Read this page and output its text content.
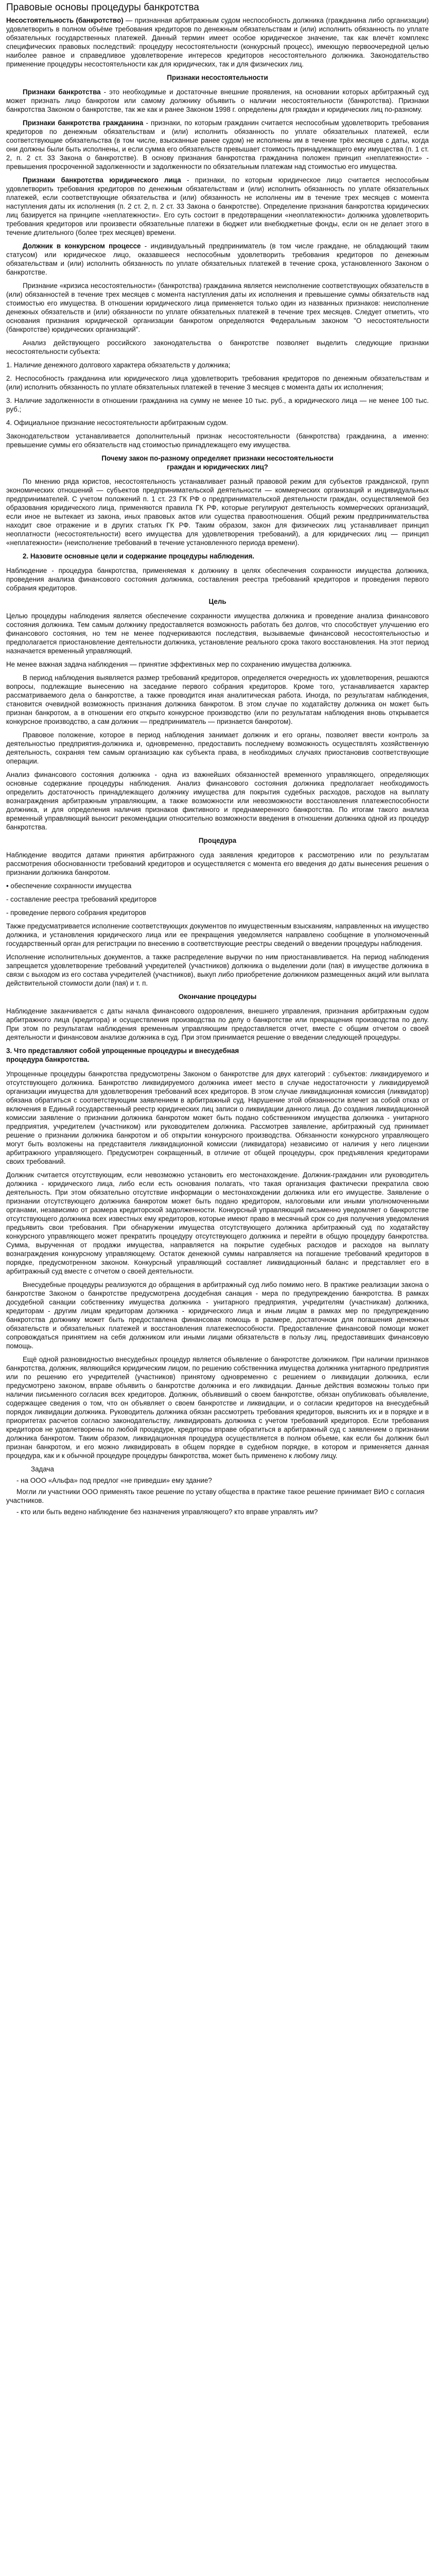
Правовые основы процедуры банкротства

Несостоятельность (банкротство) — признанная арбитражным судом неспособность должника (гражданина либо организации) удовлетворить в полном объёме требования кредиторов по денежным обязательствам и (или) исполнить обязанность по уплате обязательных государственных платежей. Данный термин имеет особое юридическое значение, так как влечёт комплекс специфических правовых последствий: процедуру несостоятельности (конкурсный процесс), имеющую первоочередной целью наиболее равное и справедливое удовлетворение интересов кредиторов несостоятельного должника. Законодательство применение процедуры несостоятельности как для юридических, так и для физических лиц.

Признаки несостоятельности

Признаки банкротства - это необходимые и достаточные внешние проявления, на основании которых арбитражный суд может признать лицо банкротом или самому должнику объявить о наличии несостоятельности (банкротства). Признаки банкротства Законом о банкротстве, так же как и ранее Законом 1998 г. определены для граждан и юридических лиц по-разному.

Признаки банкротства гражданина - признаки, по которым гражданин считается неспособным удовлетворить требования кредиторов по денежным обязательствам и (или) исполнить обязанность по уплате обязательных платежей, если соответствующие обязательства (в том числе, взысканные ранее судом) не исполнены им в течение трёх месяцев с даты, когда они должны были быть исполнены, и если сумма его обязательств превышает стоимость принадлежащего ему имущества (п. 1 ст. 2, п. 2 ст. 33 Закона о банкротстве). В основу признания банкротства гражданина положен принцип «неплатежности» - превышения просроченной задолженности и задолженности по обязательным платежам над стоимостью его имущества.

Признаки банкротства юридического лица - признаки, по которым юридическое лицо считается неспособным удовлетворить требования кредиторов по денежным обязательствам и (или) исполнить обязанность по уплате обязательных платежей, если соответствующие обязательства и (или) обязанность не исполнены им в течение трех месяцев с момента наступления даты их исполнения (п. 2 ст. 2, п. 2 ст. 33 Закона о банкротстве). Определение признания банкротства юридических лиц базируется на принципе «неплатежности». Его суть состоит в предотвращении «неоплатежности» должника удовлетворить требования кредиторов или произвести обязательные платежи в бюджет или внебюджетные фонды, если он не делает этого в течение длительного (более трех месяцев) времени.

Должник в конкурсном процессе - индивидуальный предприниматель (в том числе граждане, не обладающий таким статусом) или юридическое лицо, оказавшееся неспособным удовлетворить требования кредиторов по денежным обязательствам и (или) исполнить обязанность по уплате обязательных платежей в течение срока, установленного Законом о банкротстве.

Признание «кризиса несостоятельности» (банкротства) гражданина является неисполнение соответствующих обязательств в (или) обязанностей в течение трех месяцев с момента наступления даты их исполнения и превышение суммы обязательств над стоимостью его имущества. В отношении юридического лица применяется только один из названных признаков: неисполнение денежных обязательств и (или) обязанности по уплате обязательных платежей в течение трех месяцев. Следует отметить, что основания признания юридической организации банкротом определяются Федеральным законом "О несостоятельности (банкротстве) юридических организаций".

Анализ действующего российского законодательства о банкротстве позволяет выделить следующие признаки несостоятельности субъекта:

1. Наличие денежного долгового характера обязательств у должника;

2. Неспособность гражданина или юридического лица удовлетворить требования кредиторов по денежным обязательствам и (или) исполнить обязанность по уплате обязательных платежей в течение 3 месяцев с момента даты их исполнения;

3. Наличие задолженности в отношении гражданина на сумму не менее 10 тыс. руб., а юридического лица — не менее 100 тыс. руб.;

4. Официальное признание несостоятельности арбитражным судом.

Законодательством устанавливается дополнительный признак несостоятельности (банкротства) гражданина, а именно: превышение суммы его обязательств над стоимостью принадлежащего ему имущества.

Почему закон по-разному определяет признаки несостоятельности
граждан и юридических лиц?

По мнению ряда юристов, несостоятельность устанавливает разный правовой режим для субъектов гражданской, групп экономических отношений — субъектов предпринимательской деятельности — коммерческих организаций и индивидуальных предпринимателей. С учетом положений п. 1 ст. 23 ГК РФ о предпринимательской деятельности граждан, осуществляемой без образования юридического лица, применяются правила ГК РФ, которые регулируют деятельность коммерческих организаций, если иное не вытекает из закона, иных правовых актов или существа правоотношения. Общий режим предпринимательства находит свое отражение и в других статьях ГК РФ. Таким образом, закон для физических лиц устанавливает принцип неоплатности (несостоятельности) всего имущества для удовлетворения требований), а для юридических лиц — принцип «неплатежности» (неисполнение требований в течение установленного периода времени).

2. Назовите основные цели и содержание процедуры наблюдения.

Наблюдение - процедура банкротства, применяемая к должнику в целях обеспечения сохранности имущества должника, проведения анализа финансового состояния должника, составления реестра требований кредиторов и проведения первого собрания кредиторов.

Цель

Целью процедуры наблюдения является обеспечение сохранности имущества должника и проведение анализа финансового состояния должника. Тем самым должнику предоставляется возможность работать без долгов, что способствует улучшению его финансового состояния, но тем не менее подчеркиваются последствия, вызываемые финансовой несостоятельностью и предполагается приостановление деятельности должника, установление реального срока такого восстановления. На этот период назначается временный управляющий.

Не менее важная задача наблюдения — принятие эффективных мер по сохранению имущества должника.

В период наблюдения выявляется размер требований кредиторов, определяется очередность их удовлетворения, решаются вопросы, подлежащие вынесению на заседание первого собрания кредиторов. Кроме того, устанавливается характер рассматриваемого дела о банкротстве, а также проводится иная аналитическая работа. Иногда, по результатам наблюдения, становится очевидной возможность признания должника банкротом. В этом случае по ходатайству должника он может быть признан банкротом, а в отношении его открыто конкурсное производство (или по результатам наблюдения вновь открывается конкурсное производство, а сам должник — предприниматель — признается банкротом).

Правовое положение, которое в период наблюдения занимает должник и его органы, позволяет ввести контроль за деятельностью предприятия-должника и, одновременно, предоставить последнему возможность осуществлять хозяйственную деятельность, сохраняя тем самым организацию как субъекта права, в необходимых случаях приостановив соответствующие операции.

Анализ финансового состояния должника - одна из важнейших обязанностей временного управляющего, определяющих основные содержание процедуры наблюдения. Анализ финансового состояния должника предполагает необходимость определить достаточность принадлежащего должнику имущества для покрытия судебных расходов, расходов на выплату вознаграждения арбитражным управляющим, а также возможности или невозможности восстановления платежеспособности должника, и для определения наличия признаков фиктивного и преднамеренного банкротства. По итогам такого анализа временный управляющий выносит рекомендации относительно возможности введения в отношении должника одной из процедур банкротства.

Процедура

Наблюдение вводится датами принятия арбитражного суда заявления кредиторов к рассмотрению или по результатам рассмотрения обоснованности требований кредиторов и осуществляется с момента его введения до даты вынесения решения о признании должника банкротом.

• обеспечение сохранности имущества
- составление реестра требований кредиторов
- проведение первого собрания кредиторов

Также предусматривается исполнение соответствующих документов по имущественным взысканиям, направленных на имущество должника, и установления юридического лица или ее прекращения уведомляется направлено сообщение в уполномоченный государственный орган для регистрации по внесению в соответствующие реестры сведений о введении процедуры наблюдения.

Исполнение исполнительных документов, а также распределение выручки по ним приостанавливается. На период наблюдения запрещается удовлетворение требований учредителей (участников) должника о выделении доли (пая) в имуществе должника в связи с выходом из его состава учредителей (участников), выкуп либо приобретение должником размещенных акций или выплата действительной стоимости доли (пая) и т. п.

Окончание процедуры

Наблюдение заканчивается с даты начала финансового оздоровления, внешнего управления, признания арбитражным судом арбитражного лица (кредитора) и осуществления производства по делу о банкротстве или прекращения производства по делу. При этом по результатам наблюдения временным управляющим предоставляется отчет, вместе с общим отчетом о своей деятельности и финансовом анализе должника в суд. При этом принимается решение о введении следующей процедуры.

3. Что представляют собой упрощенные процедуры и внесудебная
процедура банкротства.

Упрощенные процедуры банкротства предусмотрены Законом о банкротстве для двух категорий : субъектов: ликвидируемого и отсутствующего должника. Банкротство ликвидируемого должника имеет место в случае недостаточности у ликвидируемой организации имущества для удовлетворения требований всех кредиторов. В этом случае ликвидационная комиссия (ликвидатор) обязана обратиться с соответствующим заявлением в арбитражный суд. Нарушение этой обязанности влечет за собой отказ от включения в Единый государственный реестр юридических лиц записи о ликвидации данного лица. До создания ликвидационной комиссии заявление о признании должника банкротом может быть подано собственником имущества должника - унитарного предприятия, учредителем (участником) или руководителем должника. Рассмотрев заявление, арбитражный суд принимает решение о признании должника банкротом и об открытии конкурсного производства. Обязанности конкурсного управляющего могут быть возложены на представителя ликвидационной комиссии (ликвидатора) независимо от наличия у него лицензии арбитражного управляющего. Предусмотрен сокращенный, в отличие от общей процедуры, срок предъявления кредиторами своих требований.

Должник считается отсутствующим, если невозможно установить его местонахождение. Должник-гражданин или руководитель должника - юридического лица, либо если есть основания полагать, что такая организация фактически прекратила свою деятельность. При этом обязательно отсутствие информации о местонахождении должника или его имуществе. Заявление о признании отсутствующего должника банкротом может быть подано кредитором, налоговыми или иными уполномоченными органами, независимо от размера кредиторской задолженности. Конкурсный управляющий письменно уведомляет о банкротстве отсутствующего должника всех известных ему кредиторов, которые имеют право в месячный срок со дня получения уведомления предъявить свои требования. При обнаружении имущества отсутствующего должника арбитражный суд по ходатайству конкурсного управляющего может прекратить процедуру отсутствующего должника и перейти в общую процедуру банкротства. Сумма, вырученная от продажи имущества, направляется на покрытие судебных расходов и расходов на выплату вознаграждения конкурсному управляющему. Остаток денежной суммы направляется на погашение требований кредиторов в порядке, предусмотренном законом. Конкурсный управляющий составляет ликвидационный баланс и представляет его в арбитражный суд вместе с отчетом о своей деятельности.

Внесудебные процедуры реализуются до обращения в арбитражный суд либо помимо него. В практике реализации закона о банкротстве Законом о банкротстве предусмотрена досудебная санация - мера по предупреждению банкротства. В рамках досудебной санации собственнику имущества должника - унитарного предприятия, учредителям (участникам) должника, кредиторам - другим лицам кредиторам должника - юридического лица и иным лицам в рамках мер по предупреждению банкротства должнику может быть предоставлена финансовая помощь в размере, достаточном для погашения денежных обязательств и обязательных платежей и восстановления платежеспособности. Предоставление финансовой помощи может сопровождаться принятием на себя должником или иными лицами обязательств в пользу лиц, предоставивших финансовую помощь.

Ещё одной разновидностью внесудебных процедур является объявление о банкротстве должником. При наличии признаков банкротства, должник, являющийся юридическим лицом, по решению собственника имущества должника унитарного предприятия или по решению его учредителей (участников) принятому одновременно с решением о ликвидации должника, если предусмотрено законом, вправе объявить о банкротстве должника и его ликвидации. Данные действия возможны только при наличии письменного согласия всех кредиторов. Должник, объявивший о своем банкротстве, обязан опубликовать объявление, содержащее сведения о том, что он объявляет о своем банкротстве и ликвидации, и о согласии кредиторов на внесудебный порядок ликвидации должника. Руководитель должника обязан рассмотреть требования кредиторов, выяснить их и в порядке и в приоритетах расчетов согласно законодательству, ликвидировать должника с учетом требований кредиторов. Если требования кредиторов не удовлетворены по любой процедуре, кредиторы вправе обратиться в арбитражный суд с заявлением о признании должника банкротом. Таким образом, ликвидационная процедура осуществляется в полном объеме, как если бы должник был признан банкротом, и его можно ликвидировать в общем порядке в судебном порядке, в котором и применяется данная процедура, как и к обычной процедуре процедуры банкротства, может быть применено к любому лицу.

Задача
- на ООО «Альфа» под предлог «не приведши» ему здание?
Могли ли участники ООО применять такое решение по уставу общества в практике такое решение принимает ВИО с согласия участников.
- кто или быть ведено наблюдение без назначения управляющего? кто вправе управлять им?
